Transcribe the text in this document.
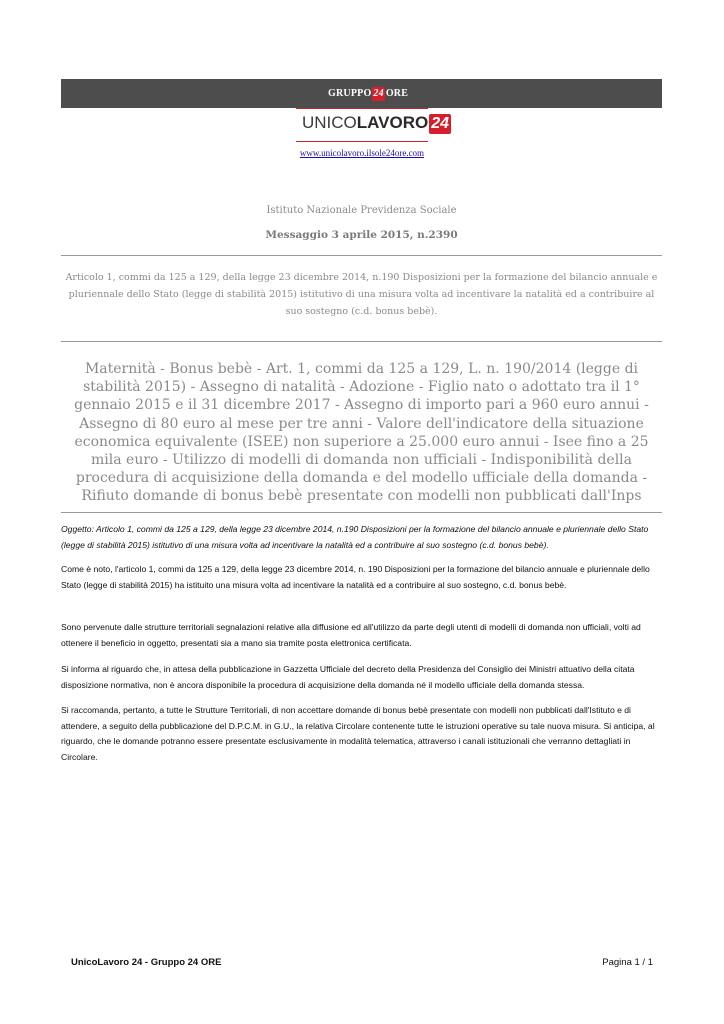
GRUPPO 24 ORE
UNICOLAVORO 24
www.unicolavoro.ilsole24ore.com
Istituto Nazionale Previdenza Sociale
Messaggio 3 aprile 2015, n.2390
Articolo 1, commi da 125 a 129, della legge 23 dicembre 2014, n.190 Disposizioni per la formazione del bilancio annuale e pluriennale dello Stato (legge di stabilità 2015) istitutivo di una misura volta ad incentivare la natalità ed a contribuire al suo sostegno (c.d. bonus bebè).
Maternità - Bonus bebè - Art. 1, commi da 125 a 129, L. n. 190/2014 (legge di stabilità 2015) - Assegno di natalità - Adozione - Figlio nato o adottato tra il 1° gennaio 2015 e il 31 dicembre 2017 - Assegno di importo pari a 960 euro annui - Assegno di 80 euro al mese per tre anni - Valore dell'indicatore della situazione economica equivalente (ISEE) non superiore a 25.000 euro annui - Isee fino a 25 mila euro - Utilizzo di modelli di domanda non ufficiali - Indisponibilità della procedura di acquisizione della domanda e del modello ufficiale della domanda - Rifiuto domande di bonus bebè presentate con modelli non pubblicati dall'Inps
Oggetto: Articolo 1, commi da 125 a 129, della legge 23 dicembre 2014, n.190 Disposizioni per la formazione del bilancio annuale e pluriennale dello Stato (legge di stabilità 2015) istitutivo di una misura volta ad incentivare la natalità ed a contribuire al suo sostegno (c.d. bonus bebè).
Come è noto, l'articolo 1, commi da 125 a 129, della legge 23 dicembre 2014, n. 190 Disposizioni per la formazione del bilancio annuale e pluriennale dello Stato (legge di stabilità 2015) ha istituito una misura volta ad incentivare la natalità ed a contribuire al suo sostegno, c.d. bonus bebè.
Sono pervenute dalle strutture territoriali segnalazioni relative alla diffusione ed all'utilizzo da parte degli utenti di modelli di domanda non ufficiali, volti ad ottenere il beneficio in oggetto, presentati sia a mano sia tramite posta elettronica certificata.
Si informa al riguardo che, in attesa della pubblicazione in Gazzetta Ufficiale del decreto della Presidenza del Consiglio dei Ministri attuativo della citata disposizione normativa, non è ancora disponibile la procedura di acquisizione della domanda né il modello ufficiale della domanda stessa.
Si raccomanda, pertanto, a tutte le Strutture Territoriali, di non accettare domande di bonus bebè presentate con modelli non pubblicati dall'Istituto e di attendere, a seguito della pubblicazione del D.P.C.M. in G.U., la relativa Circolare contenente tutte le istruzioni operative su tale nuova misura. Si anticipa, al riguardo, che le domande potranno essere presentate esclusivamente in modalità telematica, attraverso i canali istituzionali che verranno dettagliati in Circolare.
UnicoLavoro 24 - Gruppo 24 ORE	Pagina 1 / 1
